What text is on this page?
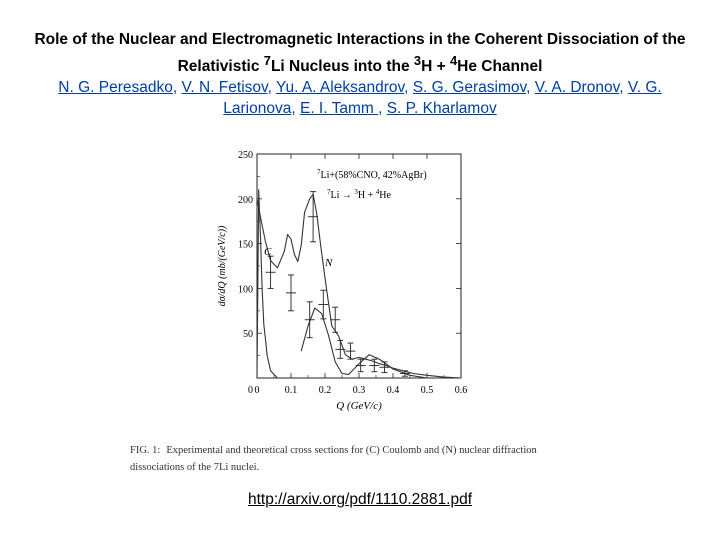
Role of the Nuclear and Electromagnetic Interactions in the Coherent Dissociation of the Relativistic $^7$Li Nucleus into the $^3$H + $^4$He Channel
N. G. Peresadko, V. N. Fetisov, Yu. A. Aleksandrov, S. G. Gerasimov, V. A. Dronov, V. G. Larionova, E. I. Tamm , S. P. Kharlamov
0	0.1 0.2 0.3 0.4 0.5 0.6
50
100
150
200
250
0
Q (GeV/c)
dσ/dQ (mb/(GeV/c))
$^7$Li+(58%CNO, 42%AgBr)
$^7$Li → $^3$H + $^4$He
C
N
FIG. 1: Experimental and theoretical cross sections for (C) Coulomb and (N) nuclear diffraction dissociations of the 7Li nuclei.
http://arxiv.org/pdf/1110.2881.pdf
